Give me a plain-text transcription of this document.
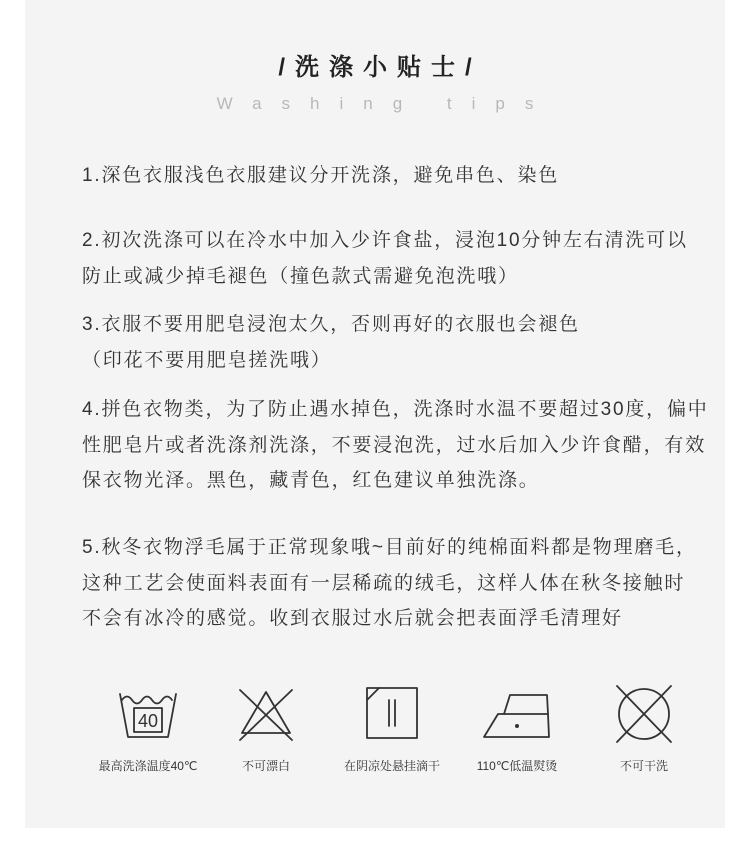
/洗涤小贴士/
Washing tips
1.深色衣服浅色衣服建议分开洗涤，避免串色、染色
2.初次洗涤可以在冷水中加入少许食盐，浸泡10分钟左右清洗可以
防止或减少掉毛褪色（撞色款式需避免泡洗哦）
3.衣服不要用肥皂浸泡太久，否则再好的衣服也会褪色
（印花不要用肥皂搓洗哦）
4.拼色衣物类，为了防止遇水掉色，洗涤时水温不要超过30度，偏中
性肥皂片或者洗涤剂洗涤，不要浸泡洗，过水后加入少许食醋，有效
保衣物光泽。黑色，藏青色，红色建议单独洗涤。
5.秋冬衣物浮毛属于正常现象哦~目前好的纯棉面料都是物理磨毛，
这种工艺会使面料表面有一层稀疏的绒毛，这样人体在秋冬接触时
不会有冰冷的感觉。收到衣服过水后就会把表面浮毛清理好
40
最高洗涤温度40℃	不可漂白	在阴凉处悬挂滴干	110℃低温熨烫	不可干洗
